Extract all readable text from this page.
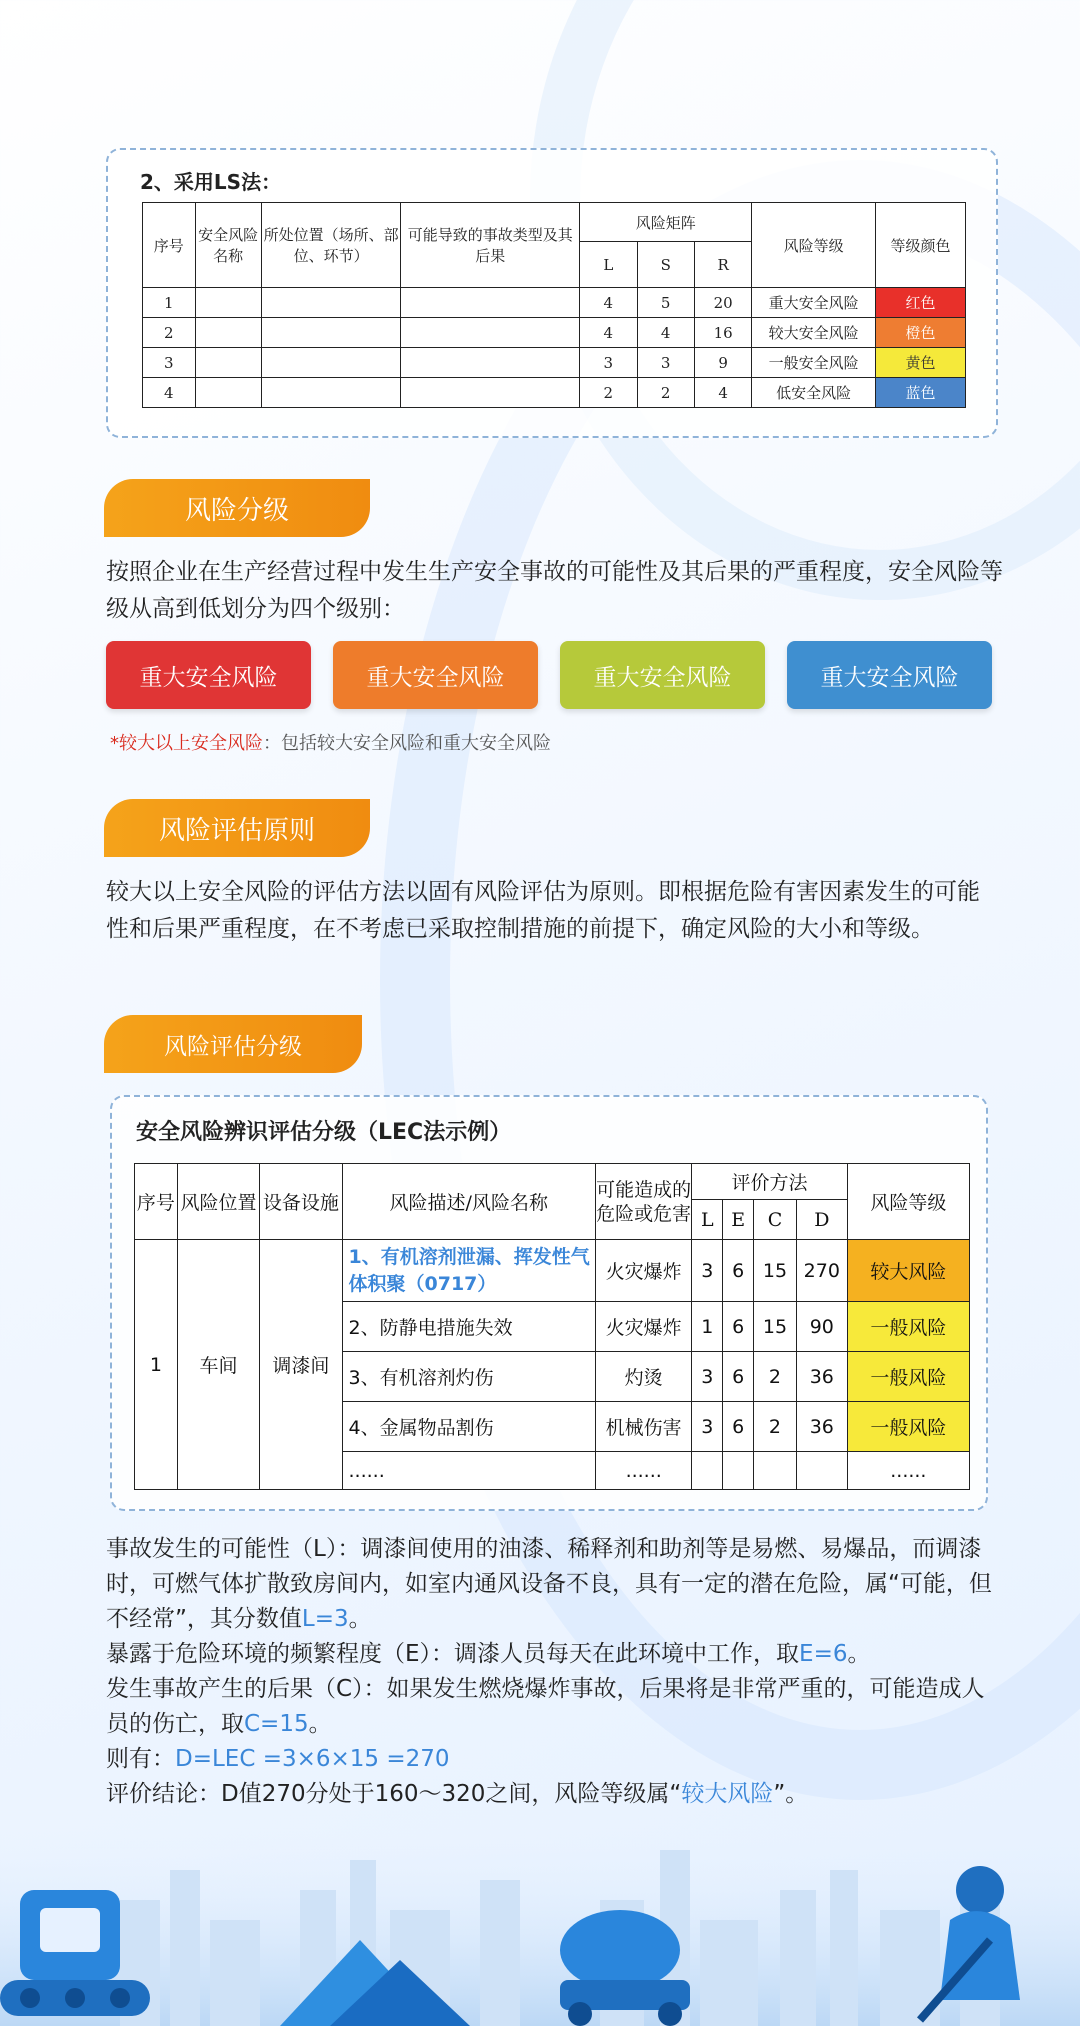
2、采用LS法：
序号	安全风险名称	所处位置（场所、部位、环节）	可能导致的事故类型及其后果	风险矩阵			风险等级	等级颜色
				L	S	R		
1				4	5	20	重大安全风险	红色
2				4	4	16	较大安全风险	橙色
3				3	3	9	一般安全风险	黄色
4				2	2	4	低安全风险	蓝色
风险分级
按照企业在生产经营过程中发生生产安全事故的可能性及其后果的严重程度，安全风险等级从高到低划分为四个级别：
重大安全风险	重大安全风险	重大安全风险	重大安全风险
*较大以上安全风险：包括较大安全风险和重大安全风险
风险评估原则
较大以上安全风险的评估方法以固有风险评估为原则。即根据危险有害因素发生的可能性和后果严重程度，在不考虑已采取控制措施的前提下，确定风险的大小和等级。
风险评估分级
安全风险辨识评估分级（LEC法示例）
序号	风险位置	设备设施	风险描述/风险名称	可能造成的危险或危害	评价方法				风险等级
					L	E	C	D	
1	车间	调漆间	1、有机溶剂泄漏、挥发性气体积聚（0717）	火灾爆炸	3	6	15	270	较大风险
			2、防静电措施失效	火灾爆炸	1	6	15	90	一般风险
			3、有机溶剂灼伤	灼烫	3	6	2	36	一般风险
			4、金属物品割伤	机械伤害	3	6	2	36	一般风险
			......	......					......
事故发生的可能性（L）：调漆间使用的油漆、稀释剂和助剂等是易燃、易爆品，而调漆时，可燃气体扩散致房间内，如室内通风设备不良，具有一定的潜在危险，属“可能，但不经常”，其分数值L=3。
暴露于危险环境的频繁程度（E）：调漆人员每天在此环境中工作，取E=6。
发生事故产生的后果（C）：如果发生燃烧爆炸事故，后果将是非常严重的，可能造成人员的伤亡，取C=15。
则有：D=LEC =3×6×15 =270
评价结论：D值270分处于160～320之间，风险等级属“较大风险”。
